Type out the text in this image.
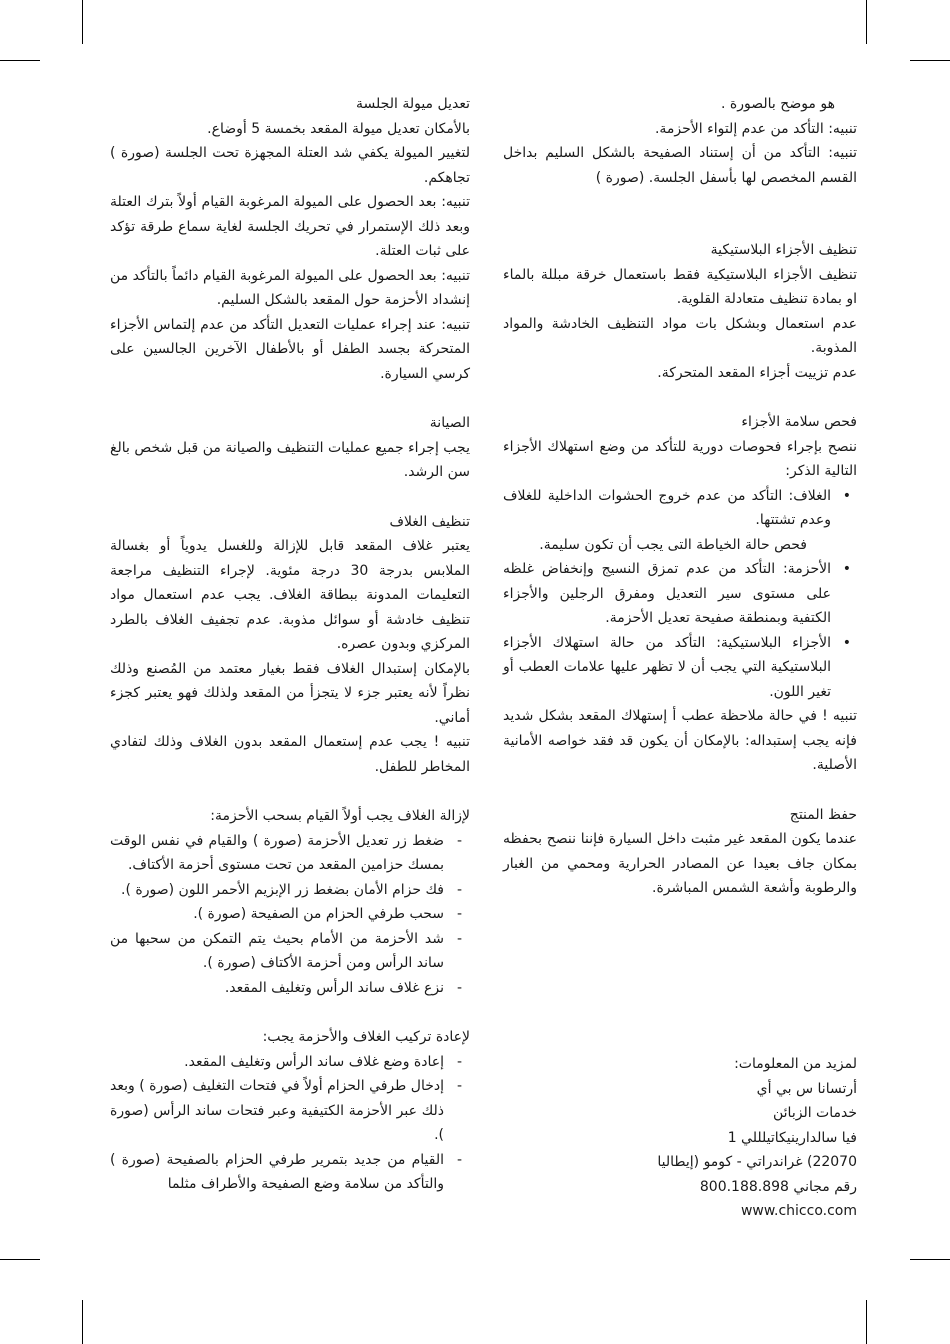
هو موضح بالصورة .

تنبيه: التأكد من عدم إلتواء الأحزمة.

تنبيه: التأكد من أن إستناد الصفيحة بالشكل السليم بداخل القسم المخصص لها بأسفل الجلسة. (صورة )

تنظيف الأجزاء البلاستيكية

تنظيف الأجزاء البلاستيكية فقط باستعمال خرقة مبللة بالماء او بمادة تنظيف متعادلة القلوية.

عدم استعمال وبشكل بات مواد التنظيف الخادشة والمواد المذوبة.

عدم تزييت أجزاء المقعد المتحركة.

فحص سلامة الأجزاء

ننصح بإجراء فحوصات دورية للتأكد من وضع استهلاك الأجزاء التالية الذكر:

• الغلاف: التأكد من عدم خروج الحشوات الداخلية للغلاف وعدم تشتتها.

فحص حالة الخياطة التى يجب أن تكون سليمة.

• الأحزمة: التأكد من عدم تمزق النسيج وإنخفاض غلظه على مستوى سير التعديل ومفرق الرجلين والأجزاء الكتفية وبمنطقة صفيحة تعديل الأحزمة.
• الأجزاء البلاستيكية: التأكد من حالة استهلاك الأجزاء البلاستيكية التي يجب أن لا تظهر عليها علامات العطب أو تغير اللون.

تنبيه ! في حالة ملاحظة عطب أ إستهلاك المقعد بشكل شديد فإنه يجب إستبداله: بالإمكان أن يكون قد فقد خواصه الأمانية الأصلية.

حفظ المنتج

عندما يكون المقعد غير مثبت داخل السيارة فإننا ننصح بحفظه بمكان جاف بعيدا عن المصادر الحرارية ومحمي من الغبار والرطوبة وأشعة الشمس المباشرة.

لمزيد من المعلومات:

أرتسانا س بي أي

خدمات الزبائن

فيا سالدارينيكاتيلللي 1

22070) غراندراتي - كومو (إيطاليا

رقم مجاني 800.188.898

www.chicco.com

تعديل ميولة الجلسة

بالأمكان تعديل ميولة المقعد بخمسة 5 أوضاع.

لتغيير الميولة يكفي شد العتلة المجهزة تحت الجلسة (صورة ) تجاهكم.

تنبيه: بعد الحصول على الميولة المرغوبة القيام أولاً بترك العتلة وبعد ذلك الإستمرار في تحريك الجلسة لغاية سماع طرقة تؤكد على ثبات العتلة.

تنبيه: بعد الحصول على الميولة المرغوبة القيام دائماً بالتأكد من إنشداد الأحزمة حول المقعد بالشكل السليم.

تنبيه: عند إجراء عمليات التعديل التأكد من عدم إلتماس الأجزاء المتحركة بجسد الطفل أو بالأطفال الآخرين الجالسين على كرسي السيارة.

الصيانة

يجب إجراء جميع عمليات التنظيف والصيانة من قبل شخص بالغ سن الرشد.

تنظيف الغلاف

يعتبر غلاف المقعد قابل للإزالة وللغسل يدوياً أو بغسالة الملابس بدرجة 30 درجة مئوية. لإجراء التنظيف مراجعة التعليمات المدونة ببطاقة الغلاف. يجب عدم استعمال مواد تنظيف خادشة أو سوائل مذوبة. عدم تجفيف الغلاف بالطرد المركزي وبدون عصره.

بالإمكان إستبدال الغلاف فقط بغيار معتمد من المُصنع وذلك نظراً لأنه يعتبر جزء لا يتجزأ من المقعد ولذلك فهو يعتبر كجزء أماني.

تنبيه ! يجب عدم إستعمال المقعد بدون الغلاف وذلك لتفادي المخاطر للطفل.

لإزالة الغلاف يجب أولاً القيام بسحب الأحزمة:

- ضغط زر تعديل الأحزمة (صورة ) والقيام في نفس الوقت بمسك حزامين المقعد من تحت مستوى أحزمة الأكتاف.
- فك حزام الأمان بضغط زر الإبزيم الأحمر اللون (صورة ).
- سحب طرفي الحزام من الصفيحة (صورة ).
- شد الأحزمة من الأمام بحيث يتم التمكن من سحبها من ساند الرأس ومن أحزمة الأكتاف (صورة ).
- نزع غلاف ساند الرأس وتغليف المقعد.

لإعادة تركيب الغلاف والأحزمة يجب:

- إعادة وضع غلاف ساند الرأس وتغليف المقعد.
- إدخال طرفي الحزام أولاً في فتحات التغليف (صورة ) وبعد ذلك عبر الأحزمة الكتيفية وعبر فتحات ساند الرأس (صورة ).
- القيام من جديد بتمرير طرفي الحزام بالصفيحة (صورة ) والتأكد من سلامة وضع الصفيحة والأطراف مثلما
